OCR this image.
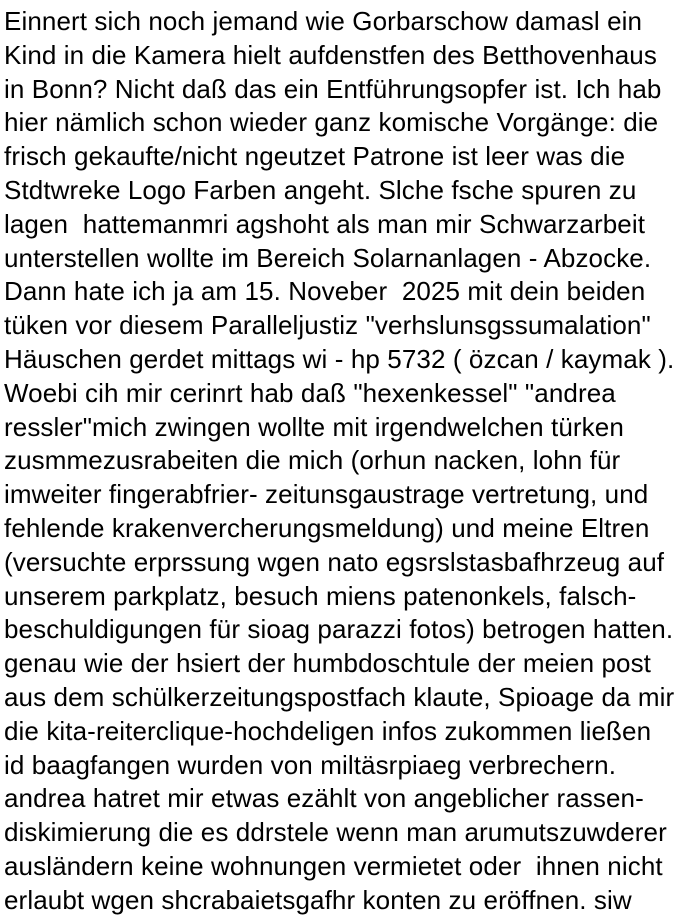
Einnert sich noch jemand wie Gorbarschow damasl ein
Kind in die Kamera hielt aufdenstfen des Betthovenhaus
in Bonn? Nicht daß das ein Entführungsopfer ist. Ich hab
hier nämlich schon wieder ganz komische Vorgänge: die
frisch gekaufte/nicht ngeutzet Patrone ist leer was die
Stdtwreke Logo Farben angeht. Slche fsche spuren zu
lagen  hattemanmri agshoht als man mir Schwarzarbeit
unterstellen wollte im Bereich Solarnanlagen - Abzocke.
Dann hate ich ja am 15. Noveber  2025 mit dein beiden
tüken vor diesem Paralleljustiz "verhslunsgssumalation"
Häuschen gerdet mittags wi - hp 5732 ( özcan / kaymak ).
Woebi cih mir cerinrt hab daß "hexenkessel" "andrea
ressler"mich zwingen wollte mit irgendwelchen türken
zusmmezusrabeiten die mich (orhun nacken, lohn für
imweiter fingerabfrier- zeitunsgaustrage vertretung, und
fehlende krakenvercherungsmeldung) und meine Eltren
(versuchte erprssung wgen nato egsrslstasbafhrzeug auf
unserem parkplatz, besuch miens patenonkels, falsch-
beschuldigungen für sioag parazzi fotos) betrogen hatten.
genau wie der hsiert der humbdoschtule der meien post
aus dem schülkerzeitungspostfach klaute, Spioage da mir
die kita-reiterclique-hochdeligen infos zukommen ließen
id baagfangen wurden von miltäsrpiaeg verbrechern.
andrea hatret mir etwas ezählt von angeblicher rassen-
diskimierung die es ddrstele wenn man arumutszuwderer
ausländern keine wohnungen vermietet oder  ihnen nicht
erlaubt wgen shcrabaietsgafhr konten zu eröffnen. siw
